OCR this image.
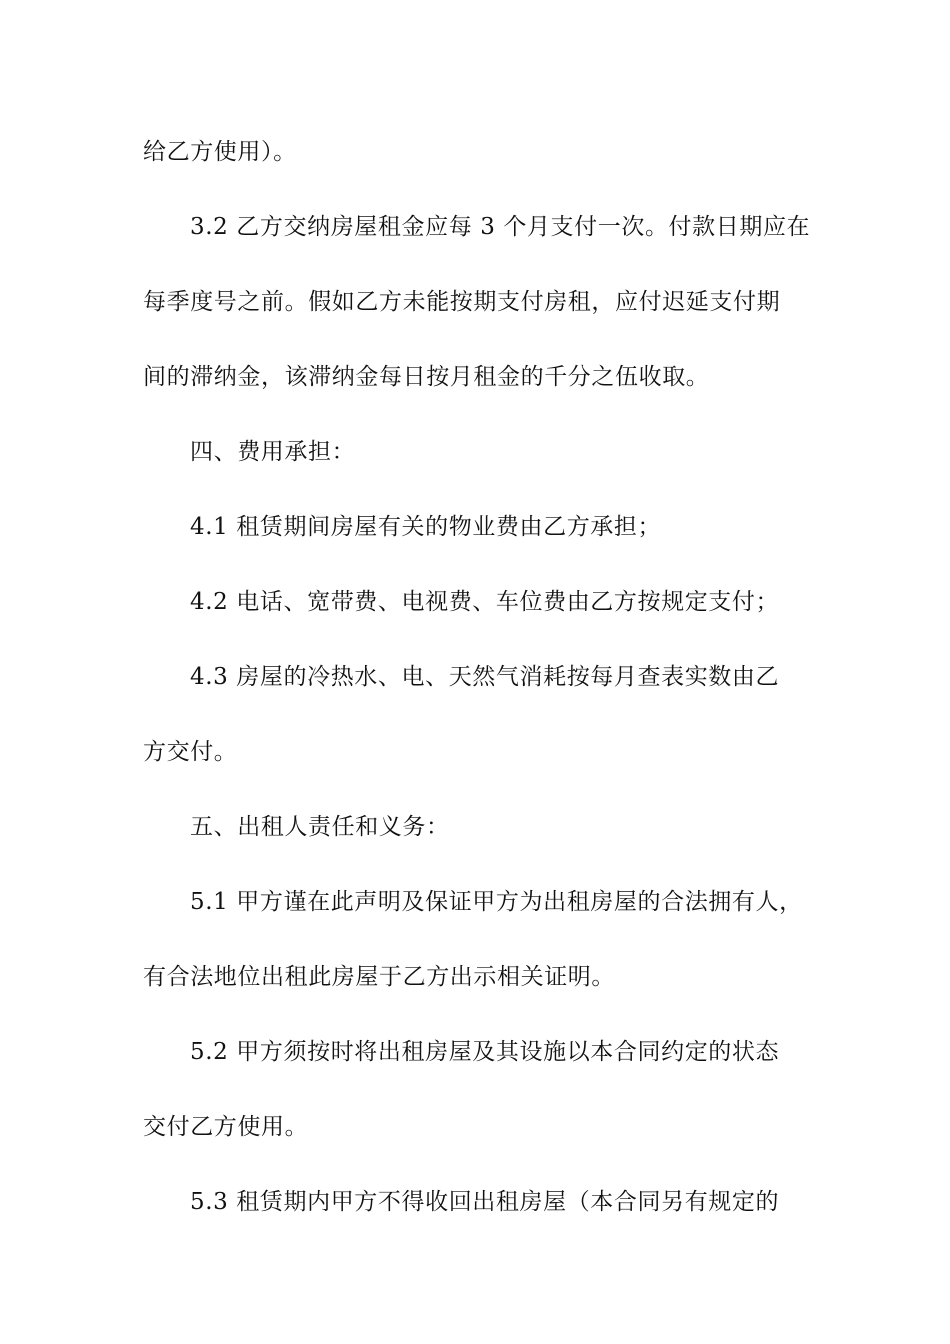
给乙方使用）。
3.2 乙方交纳房屋租金应每 3 个月支付一次。付款日期应在
每季度号之前。假如乙方未能按期支付房租，应付迟延支付期
间的滞纳金，该滞纳金每日按月租金的千分之伍收取。
四、费用承担：
4.1 租赁期间房屋有关的物业费由乙方承担；
4.2 电话、宽带费、电视费、车位费由乙方按规定支付；
4.3 房屋的冷热水、电、天然气消耗按每月查表实数由乙
方交付。
五、出租人责任和义务：
5.1 甲方谨在此声明及保证甲方为出租房屋的合法拥有人，
有合法地位出租此房屋于乙方出示相关证明。
5.2 甲方须按时将出租房屋及其设施以本合同约定的状态
交付乙方使用。
5.3 租赁期内甲方不得收回出租房屋（本合同另有规定的
